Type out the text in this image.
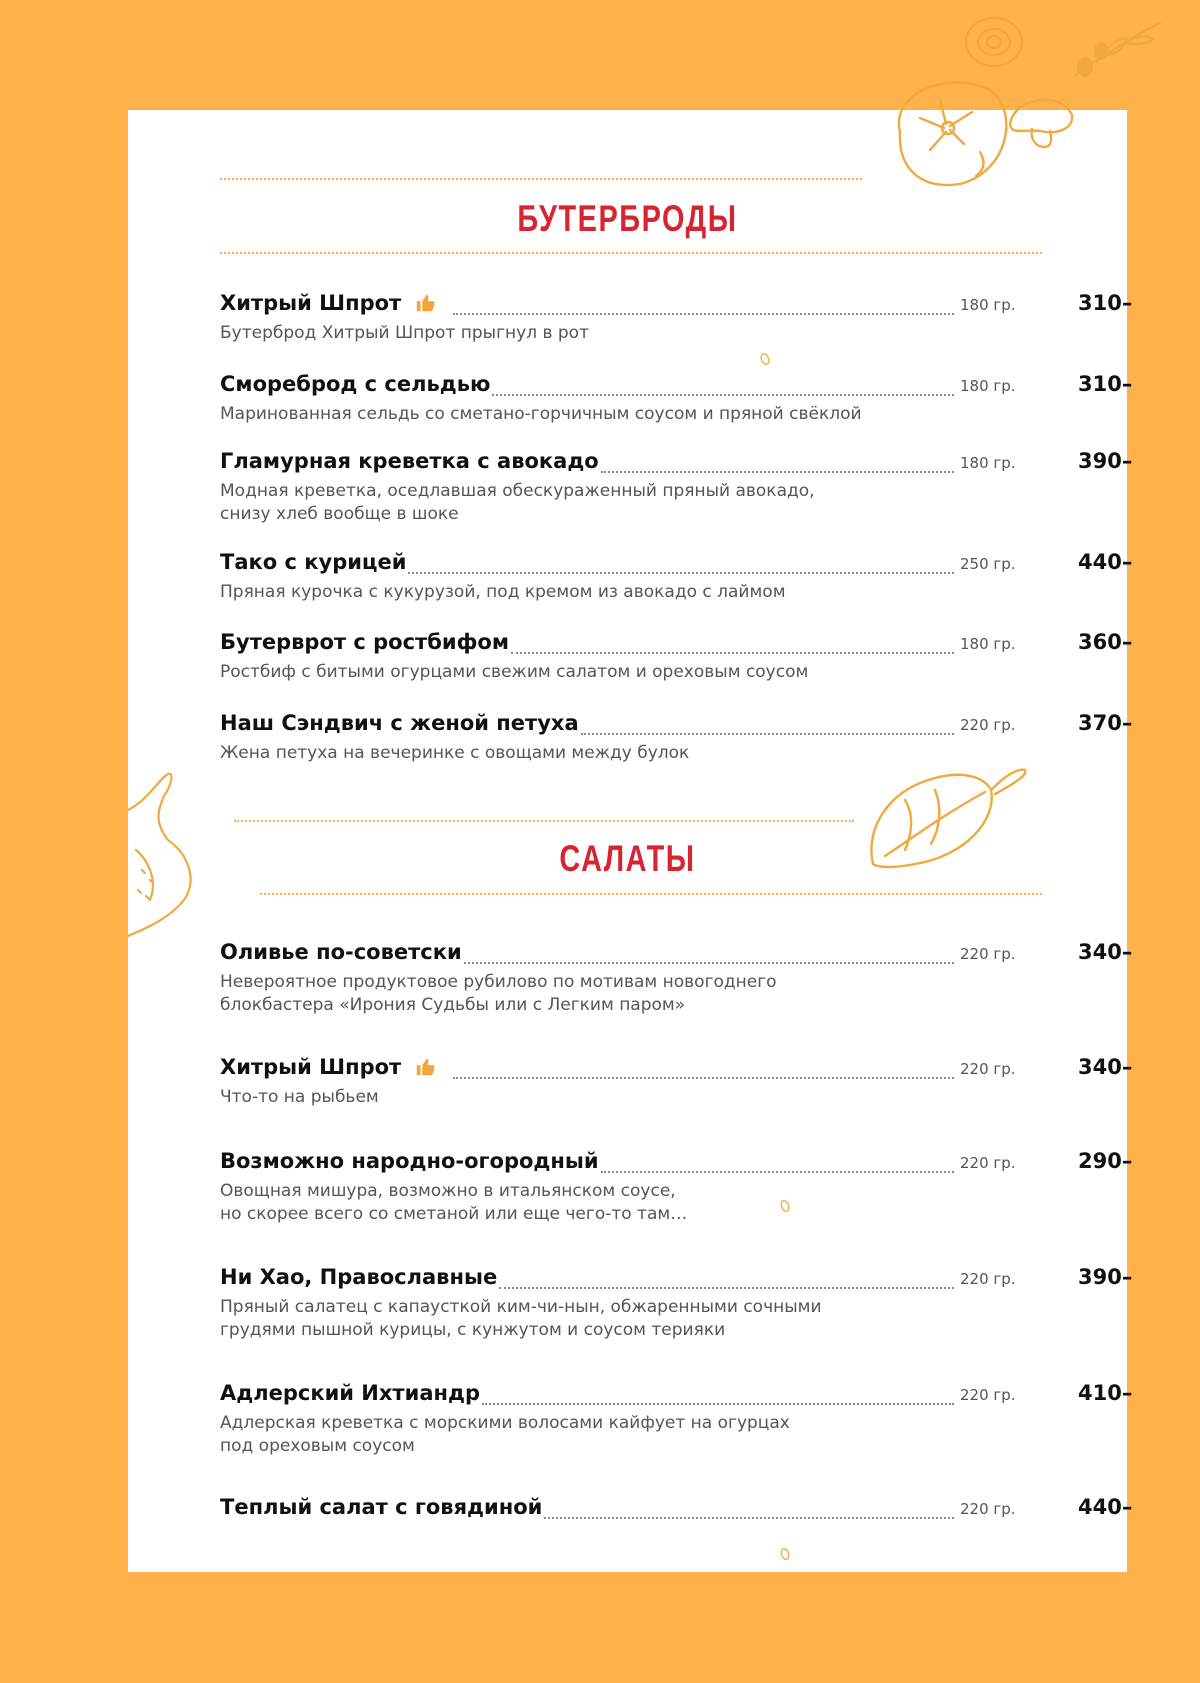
БУТЕРБРОДЫ
Хитрый Шпрот	180 гр.	310–
Бутерброд Хитрый Шпрот прыгнул в рот
Смореброд с сельдью	180 гр.	310–
Маринованная сельдь со сметано-горчичным соусом и пряной свёклой
Гламурная креветка с авокадо	180 гр.	390–
Модная креветка, оседлавшая обескураженный пряный авокадо,
снизу хлеб вообще в шоке
Тако с курицей	250 гр.	440–
Пряная курочка с кукурузой, под кремом из авокадо с лаймом
Бутерврот с ростбифом	180 гр.	360–
Ростбиф с битыми огурцами свежим салатом и ореховым соусом
Наш Сэндвич с женой петуха	220 гр.	370–
Жена петуха на вечеринке с овощами между булок
САЛАТЫ
Оливье по-советски	220 гр.	340–
Невероятное продуктовое рубилово по мотивам новогоднего
блокбастера «Ирония Судьбы или с Легким паром»
Хитрый Шпрот	220 гр.	340–
Что-то на рыбьем
Возможно народно-огородный	220 гр.	290–
Овощная мишура, возможно в итальянском соусе,
но скорее всего со сметаной или еще чего-то там…
Ни Хао, Православные	220 гр.	390–
Пряный салатец с капаусткой ким-чи-нын, обжаренными сочными
грудями пышной курицы, с кунжутом и соусом терияки
Адлерский Ихтиандр	220 гр.	410–
Адлерская креветка с морскими волосами кайфует на огурцах
под ореховым соусом
Теплый салат с говядиной	220 гр.	440–
